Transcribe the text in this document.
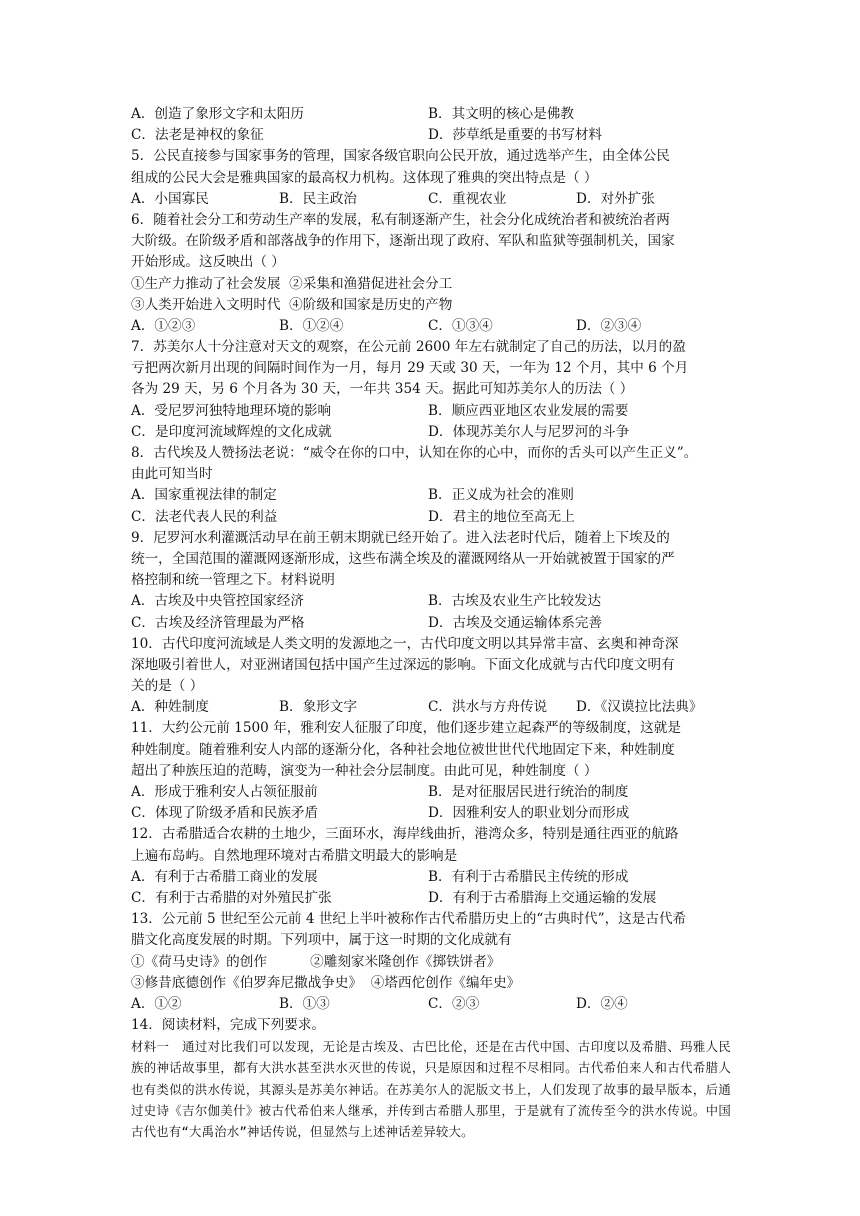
A．创造了象形文字和太阳历	B．其文明的核心是佛教
C．法老是神权的象征	D．莎草纸是重要的书写材料
5．公民直接参与国家事务的管理，国家各级官职向公民开放，通过选举产生，由全体公民
组成的公民大会是雅典国家的最高权力机构。这体现了雅典的突出特点是（ ）
A．小国寡民	B．民主政治	C．重视农业	D．对外扩张
6．随着社会分工和劳动生产率的发展，私有制逐渐产生，社会分化成统治者和被统治者两
大阶级。在阶级矛盾和部落战争的作用下，逐渐出现了政府、军队和监狱等强制机关，国家
开始形成。这反映出（ ）
①生产力推动了社会发展  ②采集和渔猎促进社会分工
③人类开始进入文明时代  ④阶级和国家是历史的产物
A．①②③	B．①②④	C．①③④	D．②③④
7．苏美尔人十分注意对天文的观察，在公元前 2600 年左右就制定了自己的历法，以月的盈
亏把两次新月出现的间隔时间作为一月，每月 29 天或 30 天，一年为 12 个月，其中 6 个月
各为 29 天，另 6 个月各为 30 天，一年共 354 天。据此可知苏美尔人的历法（ ）
A．受尼罗河独特地理环境的影响	B．顺应西亚地区农业发展的需要
C．是印度河流域辉煌的文化成就	D．体现苏美尔人与尼罗河的斗争
8．古代埃及人赞扬法老说：“威令在你的口中，认知在你的心中，而你的舌头可以产生正义”。
由此可知当时
A．国家重视法律的制定	B．正义成为社会的准则
C．法老代表人民的利益	D．君主的地位至高无上
9．尼罗河水利灌溉活动早在前王朝末期就已经开始了。进入法老时代后，随着上下埃及的
统一，全国范围的灌溉网逐渐形成，这些布满全埃及的灌溉网络从一开始就被置于国家的严
格控制和统一管理之下。材料说明
A．古埃及中央管控国家经济	B．古埃及农业生产比较发达
C．古埃及经济管理最为严格	D．古埃及交通运输体系完善
10．古代印度河流域是人类文明的发源地之一，古代印度文明以其异常丰富、玄奥和神奇深
深地吸引着世人，对亚洲诸国包括中国产生过深远的影响。下面文化成就与古代印度文明有
关的是（ ）
A．种姓制度	B．象形文字	C．洪水与方舟传说 D．《汉谟拉比法典》
11．大约公元前 1500 年，雅利安人征服了印度，他们逐步建立起森严的等级制度，这就是
种姓制度。随着雅利安人内部的逐渐分化，各种社会地位被世世代代地固定下来，种姓制度
超出了种族压迫的范畴，演变为一种社会分层制度。由此可见，种姓制度（ ）
A．形成于雅利安人占领征服前	B．是对征服居民进行统治的制度
C．体现了阶级矛盾和民族矛盾	D．因雅利安人的职业划分而形成
12．古希腊适合农耕的土地少，三面环水，海岸线曲折，港湾众多，特别是通往西亚的航路
上遍布岛屿。自然地理环境对古希腊文明最大的影响是
A．有利于古希腊工商业的发展	B．有利于古希腊民主传统的形成
C．有利于古希腊的对外殖民扩张	D．有利于古希腊海上交通运输的发展
13．公元前 5 世纪至公元前 4 世纪上半叶被称作古代希腊历史上的“古典时代”，这是古代希
腊文化高度发展的时期。下列项中，属于这一时期的文化成就有
①《荷马史诗》的创作          ②雕刻家米隆创作《掷铁饼者》
③修昔底德创作《伯罗奔尼撒战争史》  ④塔西佗创作《编年史》
A．①②	B．①③	C．②③	D．②④
14．阅读材料，完成下列要求。

材料一　通过对比我们可以发现，无论是古埃及、古巴比伦，还是在古代中国、古印度以及希腊、玛雅人民族的神话故事里，都有大洪水甚至洪水灭世的传说，只是原因和过程不尽相同。古代希伯来人和古代希腊人也有类似的洪水传说，其源头是苏美尔神话。在苏美尔人的泥版文书上，人们发现了故事的最早版本，后通过史诗《吉尔伽美什》被古代希伯来人继承，并传到古希腊人那里，于是就有了流传至今的洪水传说。中国古代也有“大禹治水”神话传说，但显然与上述神话差异较大。
